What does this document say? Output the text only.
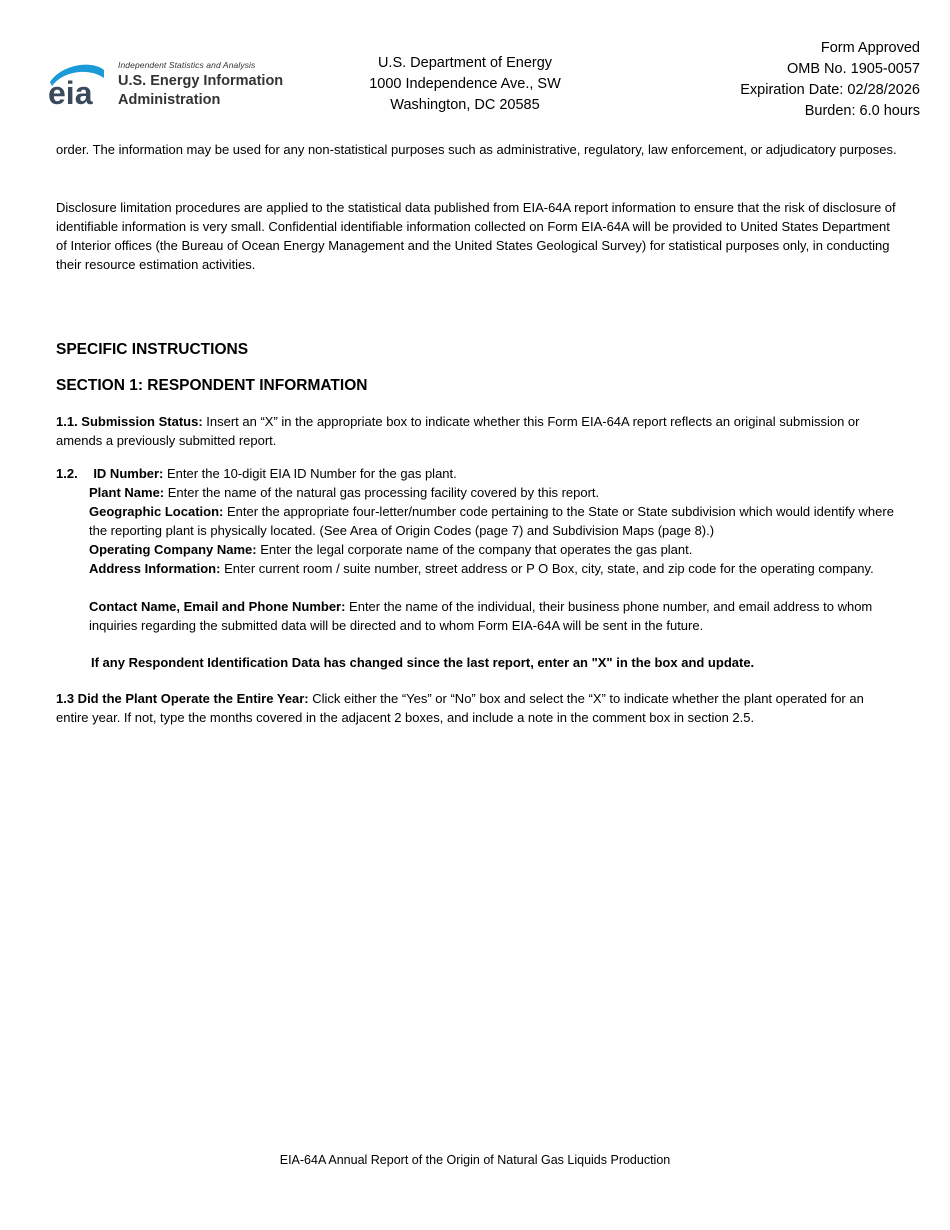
eia
Independent Statistics and Analysis
U.S. Energy Information
Administration
U.S. Department of Energy
1000 Independence Ave., SW
Washington, DC 20585
Form Approved
OMB No. 1905-0057
Expiration Date: 02/28/2026
Burden: 6.0 hours

order. The information may be used for any non-statistical purposes such as administrative, regulatory, law enforcement, or adjudicatory purposes.

Disclosure limitation procedures are applied to the statistical data published from EIA-64A report information to ensure that the risk of disclosure of identifiable information is very small. Confidential identifiable information collected on Form EIA-64A will be provided to United States Department of Interior offices (the Bureau of Ocean Energy Management and the United States Geological Survey) for statistical purposes only, in conducting their resource estimation activities.

SPECIFIC INSTRUCTIONS
SECTION 1: RESPONDENT INFORMATION

1.1. Submission Status: Insert an “X” in the appropriate box to indicate whether this Form EIA-64A report reflects an original submission or amends a previously submitted report.

1.2. ID Number: Enter the 10-digit EIA ID Number for the gas plant.

Plant Name: Enter the name of the natural gas processing facility covered by this report.

Geographic Location: Enter the appropriate four-letter/number code pertaining to the State or State subdivision which would identify where the reporting plant is physically located. (See Area of Origin Codes (page 7) and Subdivision Maps (page 8).)

Operating Company Name: Enter the legal corporate name of the company that operates the gas plant.

Address Information: Enter current room / suite number, street address or P O Box, city, state, and zip code for the operating company.

Contact Name, Email and Phone Number: Enter the name of the individual, their business phone number, and email address to whom inquiries regarding the submitted data will be directed and to whom Form EIA-64A will be sent in the future.

If any Respondent Identification Data has changed since the last report, enter an "X" in the box and update.

1.3 Did the Plant Operate the Entire Year: Click either the “Yes” or “No” box and select the “X” to indicate whether the plant operated for an entire year. If not, type the months covered in the adjacent 2 boxes, and include a note in the comment box in section 2.5.

EIA-64A Annual Report of the Origin of Natural Gas Liquids Production
